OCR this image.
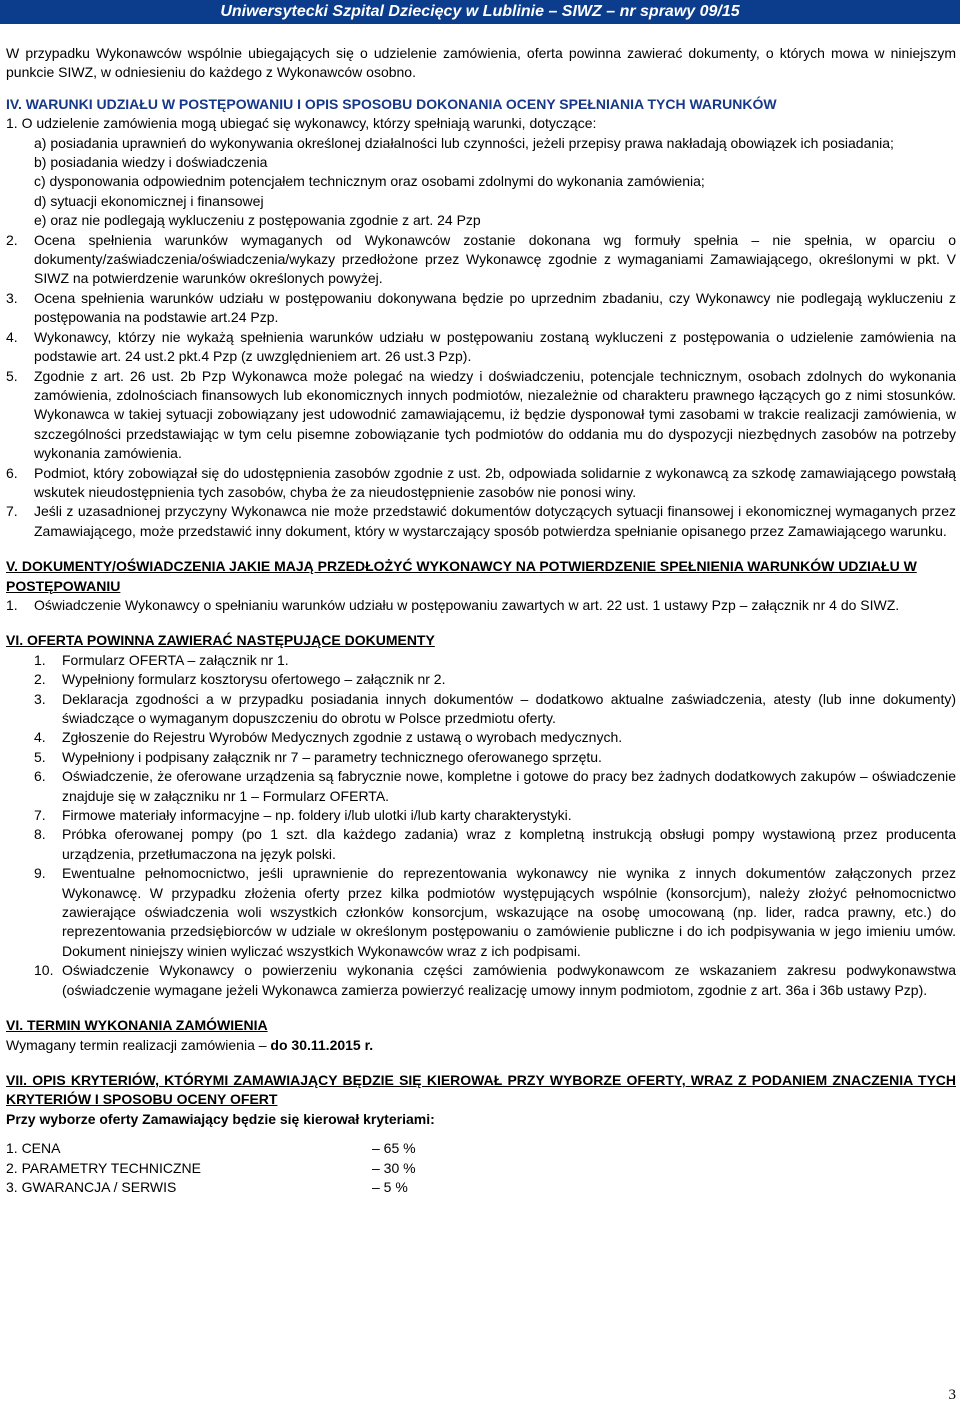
Uniwersytecki Szpital Dziecięcy w Lublinie – SIWZ – nr sprawy 09/15

W przypadku Wykonawców wspólnie ubiegających się o udzielenie zamówienia, oferta powinna zawierać dokumenty, o których mowa w niniejszym punkcie SIWZ, w odniesieniu do każdego z Wykonawców osobno.

IV. WARUNKI UDZIAŁU W POSTĘPOWANIU I OPIS SPOSOBU DOKONANIA OCENY SPEŁNIANIA TYCH WARUNKÓW

1. O udzielenie zamówienia mogą ubiegać się wykonawcy, którzy spełniają warunki, dotyczące:

a) posiadania uprawnień do wykonywania określonej działalności lub czynności, jeżeli przepisy prawa nakładają obowiązek ich posiadania;

b) posiadania wiedzy i doświadczenia

c) dysponowania odpowiednim potencjałem technicznym oraz osobami zdolnymi do wykonania zamówienia;

d) sytuacji ekonomicznej i finansowej

e) oraz nie podlegają wykluczeniu z postępowania zgodnie z art. 24 Pzp

2.	Ocena spełnienia warunków wymaganych od Wykonawców zostanie dokonana wg formuły spełnia – nie spełnia, w oparciu o dokumenty/zaświadczenia/oświadczenia/wykazy przedłożone przez Wykonawcę zgodnie z wymaganiami Zamawiającego, określonymi w pkt. V SIWZ na potwierdzenie warunków określonych powyżej.
3.	Ocena spełnienia warunków udziału w postępowaniu dokonywana będzie po uprzednim zbadaniu, czy Wykonawcy nie podlegają wykluczeniu z postępowania na podstawie art.24 Pzp.
4.	Wykonawcy, którzy nie wykażą spełnienia warunków udziału w postępowaniu zostaną wykluczeni z postępowania o udzielenie zamówienia na podstawie art. 24 ust.2 pkt.4 Pzp (z uwzględnieniem art. 26 ust.3 Pzp).
5.	Zgodnie z art. 26 ust. 2b Pzp Wykonawca może polegać na wiedzy i doświadczeniu, potencjale technicznym, osobach zdolnych do wykonania zamówienia, zdolnościach finansowych lub ekonomicznych innych podmiotów, niezależnie od charakteru prawnego łączących go z nimi stosunków. Wykonawca w takiej sytuacji zobowiązany jest udowodnić zamawiającemu, iż będzie dysponował tymi zasobami w trakcie realizacji zamówienia, w szczególności przedstawiając w tym celu pisemne zobowiązanie tych podmiotów do oddania mu do dyspozycji niezbędnych zasobów na potrzeby wykonania zamówienia.
6.	Podmiot, który zobowiązał się do udostępnienia zasobów zgodnie z ust. 2b, odpowiada solidarnie z wykonawcą za szkodę zamawiającego powstałą wskutek nieudostępnienia tych zasobów, chyba że za nieudostępnienie zasobów nie ponosi winy.
7.	Jeśli z uzasadnionej przyczyny Wykonawca nie może przedstawić dokumentów dotyczących sytuacji finansowej i ekonomicznej wymaganych przez Zamawiającego, może przedstawić inny dokument, który w wystarczający sposób potwierdza spełnianie opisanego przez Zamawiającego warunku.

V. DOKUMENTY/OŚWIADCZENIA JAKIE MAJĄ PRZEDŁOŻYĆ WYKONAWCY NA POTWIERDZENIE SPEŁNIENIA WARUNKÓW UDZIAŁU W POSTĘPOWANIU

1.	Oświadczenie Wykonawcy o spełnianiu warunków udziału w postępowaniu zawartych w art. 22 ust. 1 ustawy Pzp – załącznik nr 4 do SIWZ.

VI. OFERTA POWINNA ZAWIERAĆ NASTĘPUJĄCE DOKUMENTY

1.	Formularz OFERTA – załącznik nr 1.
2.	Wypełniony formularz kosztorysu ofertowego – załącznik nr 2.
3.	Deklaracja zgodności a w przypadku posiadania innych dokumentów – dodatkowo aktualne zaświadczenia, atesty (lub inne dokumenty) świadczące o wymaganym dopuszczeniu do obrotu w Polsce przedmiotu oferty.
4.	Zgłoszenie do Rejestru Wyrobów Medycznych zgodnie z ustawą o wyrobach medycznych.
5.	Wypełniony i podpisany załącznik nr 7 – parametry technicznego oferowanego sprzętu.
6.	Oświadczenie, że oferowane urządzenia są fabrycznie nowe, kompletne i gotowe do pracy bez żadnych dodatkowych zakupów – oświadczenie znajduje się w załączniku nr 1 – Formularz OFERTA.
7.	Firmowe materiały informacyjne – np. foldery i/lub ulotki i/lub karty charakterystyki.
8.	Próbka oferowanej pompy (po 1 szt. dla każdego zadania) wraz z kompletną instrukcją obsługi pompy wystawioną przez producenta urządzenia, przetłumaczona na język polski.
9.	Ewentualne pełnomocnictwo, jeśli uprawnienie do reprezentowania wykonawcy nie wynika z innych dokumentów załączonych przez Wykonawcę. W przypadku złożenia oferty przez kilka podmiotów występujących wspólnie (konsorcjum), należy złożyć pełnomocnictwo zawierające oświadczenia woli wszystkich członków konsorcjum, wskazujące na osobę umocowaną (np. lider, radca prawny, etc.) do reprezentowania przedsiębiorców w udziale w określonym postępowaniu o zamówienie publiczne i do ich podpisywania w jego imieniu umów. Dokument niniejszy winien wyliczać wszystkich Wykonawców wraz z ich podpisami.
10. Oświadczenie Wykonawcy o powierzeniu wykonania części zamówienia podwykonawcom ze wskazaniem zakresu podwykonawstwa (oświadczenie wymagane jeżeli Wykonawca zamierza powierzyć realizację umowy innym podmiotom, zgodnie z art. 36a i 36b ustawy Pzp).

VI. TERMIN WYKONANIA ZAMÓWIENIA

Wymagany termin realizacji zamówienia – do 30.11.2015 r.

VII. OPIS KRYTERIÓW, KTÓRYMI ZAMAWIAJĄCY BĘDZIE SIĘ KIEROWAŁ PRZY WYBORZE OFERTY, WRAZ Z PODANIEM ZNACZENIA TYCH KRYTERIÓW I SPOSOBU OCENY OFERT

Przy wyborze oferty Zamawiający będzie się kierował kryteriami:

1. CENA	– 65 %
2. PARAMETRY TECHNICZNE	– 30 %
3. GWARANCJA / SERWIS	– 5 %
3
